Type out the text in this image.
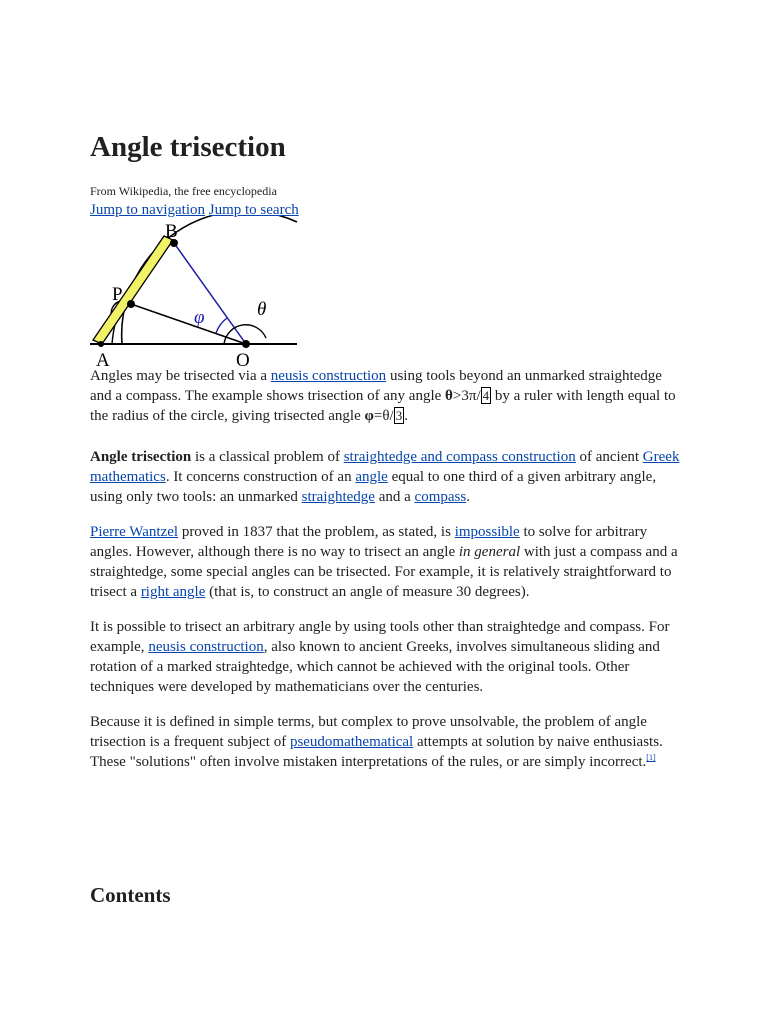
Angle trisection
From Wikipedia, the free encyclopedia
Jump to navigation Jump to search
B
P
A	O
φ	θ

Angles may be trisected via a neusis construction using tools beyond an unmarked straightedge and a compass. The example shows trisection of any angle θ>3π/ 4 by a ruler with length equal to the radius of the circle, giving trisected angle φ=θ/ 3 .

Angle trisection is a classical problem of straightedge and compass construction of ancient Greek mathematics. It concerns construction of an angle equal to one third of a given arbitrary angle, using only two tools: an unmarked straightedge and a compass.

Pierre Wantzel proved in 1837 that the problem, as stated, is impossible to solve for arbitrary angles. However, although there is no way to trisect an angle in general with just a compass and a straightedge, some special angles can be trisected. For example, it is relatively straightforward to trisect a right angle (that is, to construct an angle of measure 30 degrees).

It is possible to trisect an arbitrary angle by using tools other than straightedge and compass. For example, neusis construction, also known to ancient Greeks, involves simultaneous sliding and rotation of a marked straightedge, which cannot be achieved with the original tools. Other techniques were developed by mathematicians over the centuries.

Because it is defined in simple terms, but complex to prove unsolvable, the problem of angle trisection is a frequent subject of pseudomathematical attempts at solution by naive enthusiasts. These "solutions" often involve mistaken interpretations of the rules, or are simply incorrect.[1]

Contents
